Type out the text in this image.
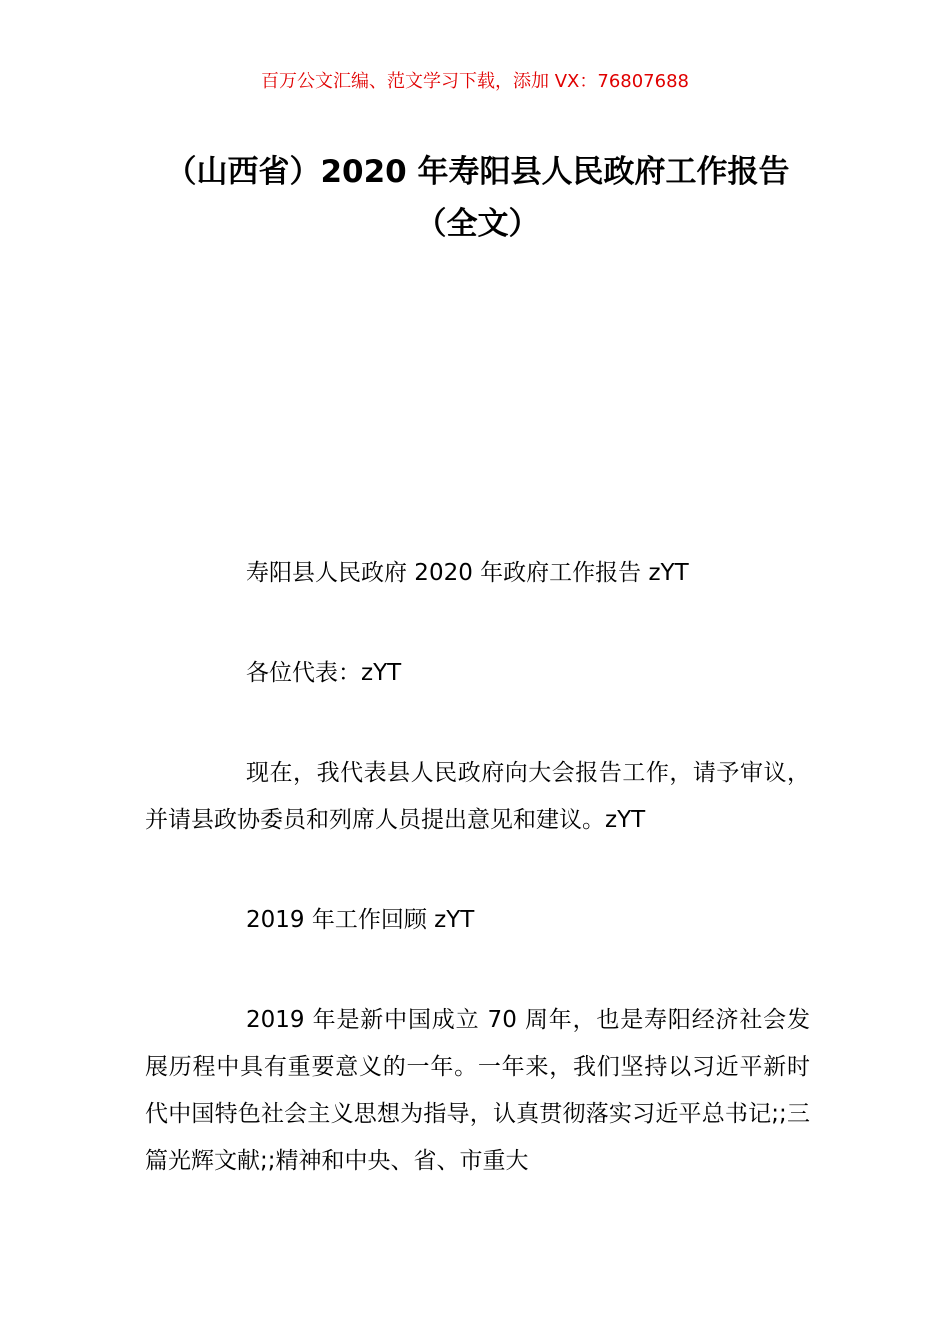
百万公文汇编、范文学习下载，添加 VX：76807688
（山西省）2020 年寿阳县人民政府工作报告（全文）
寿阳县人民政府 2020 年政府工作报告 zYT
各位代表：zYT
现在，我代表县人民政府向大会报告工作，请予审议，并请县政协委员和列席人员提出意见和建议。zYT
2019 年工作回顾 zYT
2019 年是新中国成立 70 周年，也是寿阳经济社会发展历程中具有重要意义的一年。一年来，我们坚持以习近平新时代中国特色社会主义思想为指导，认真贯彻落实习近平总书记;;三篇光辉文献;;精神和中央、省、市重大
